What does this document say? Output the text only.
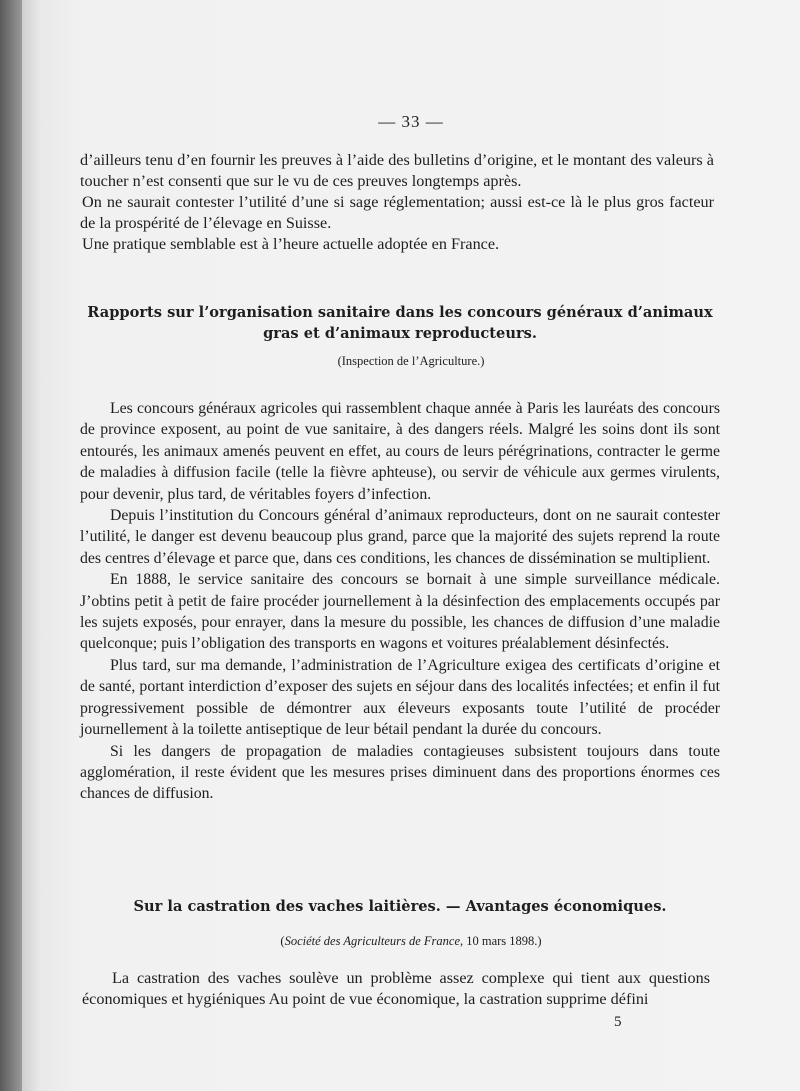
— 33 —

d’ailleurs tenu d’en fournir les preuves à l’aide des bulletins d’origine, et le montant des valeurs à toucher n’est consenti que sur le vu de ces preuves longtemps après.

On ne saurait contester l’utilité d’une si sage réglementation; aussi est-ce là le plus gros facteur de la prospérité de l’élevage en Suisse.

Une pratique semblable est à l’heure actuelle adoptée en France.

Rapports sur l’organisation sanitaire dans les concours généraux d’animaux gras et d’animaux reproducteurs.
(Inspection de l’Agriculture.)

Les concours généraux agricoles qui rassemblent chaque année à Paris les lauréats des concours de province exposent, au point de vue sanitaire, à des dangers réels. Malgré les soins dont ils sont entourés, les animaux amenés peuvent en effet, au cours de leurs pérégrinations, contracter le germe de maladies à diffusion facile (telle la fièvre aphteuse), ou servir de véhicule aux germes virulents, pour devenir, plus tard, de véritables foyers d’infection.

Depuis l’institution du Concours général d’animaux reproducteurs, dont on ne saurait contester l’utilité, le danger est devenu beaucoup plus grand, parce que la majorité des sujets reprend la route des centres d’élevage et parce que, dans ces conditions, les chances de dissémination se multiplient.

En 1888, le service sanitaire des concours se bornait à une simple surveillance médicale. J’obtins petit à petit de faire procéder journellement à la désinfection des emplacements occupés par les sujets exposés, pour enrayer, dans la mesure du possible, les chances de diffusion d’une maladie quelconque; puis l’obligation des transports en wagons et voitures préalablement désinfectés.

Plus tard, sur ma demande, l’administration de l’Agriculture exigea des certificats d’origine et de santé, portant interdiction d’exposer des sujets en séjour dans des localités infectées; et enfin il fut progressivement possible de démontrer aux éleveurs exposants toute l’utilité de procéder journellement à la toilette antiseptique de leur bétail pendant la durée du concours.

Si les dangers de propagation de maladies contagieuses subsistent toujours dans toute agglomération, il reste évident que les mesures prises diminuent dans des proportions énormes ces chances de diffusion.

Sur la castration des vaches laitières. — Avantages économiques.
(Société des Agriculteurs de France, 10 mars 1898.)

La castration des vaches soulève un problème assez complexe qui tient aux questions économiques et hygiéniques Au point de vue économique, la castration supprime défini

5
